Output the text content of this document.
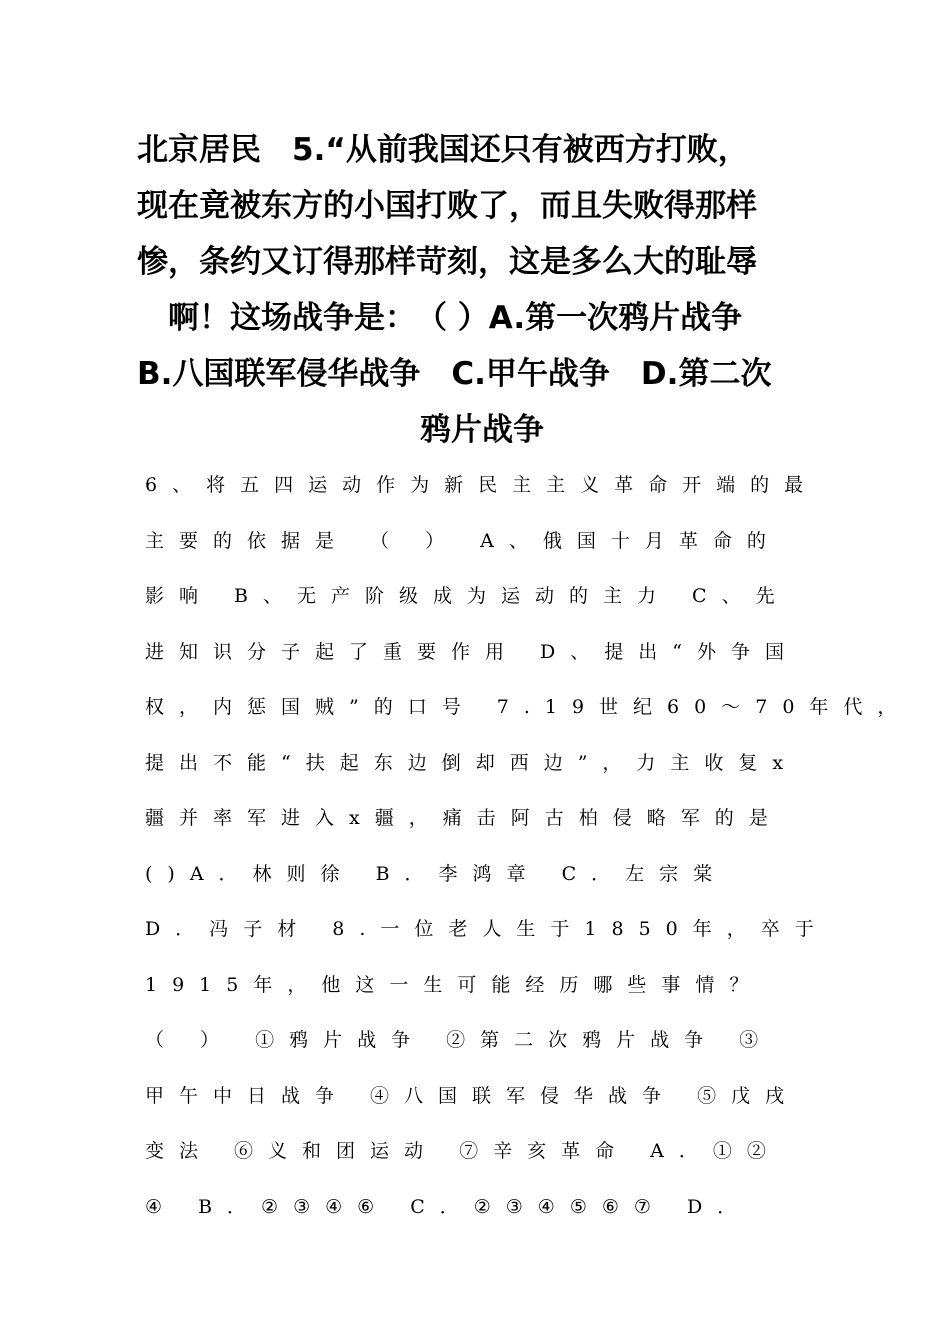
北京居民　5.“从前我国还只有被西方打败，
现在竟被东方的小国打败了，而且失败得那样
惨，条约又订得那样苛刻，这是多么大的耻辱
　啊！这场战争是：　（ ）A.第一次鸦片战争
B.八国联军侵华战争　C.甲午战争　D.第二次
鸦片战争
6、将五四运动作为新民主主义革命开端的最
主要的依据是 （ ） A、俄国十月革命的
影响 B、无产阶级成为运动的主力 C、先
进知识分子起了重要作用 D、提出“外争国
权，内惩国贼”的口号 7.19世纪60～70年代，
提出不能“扶起东边倒却西边”，力主收复x
疆并率军进入x疆，痛击阿古柏侵略军的是
()A．林则徐 B．李鸿章 C．左宗棠
D．冯子材 8.一位老人生于1850年，卒于
1915年，他这一生可能经历哪些事情？
（ ） ①鸦片战争 ②第二次鸦片战争 ③
甲午中日战争 ④八国联军侵华战争 ⑤戊戌
变法 ⑥义和团运动 ⑦辛亥革命 A．①②
④ B．②③④⑥ C．②③④⑤⑥⑦ D．
